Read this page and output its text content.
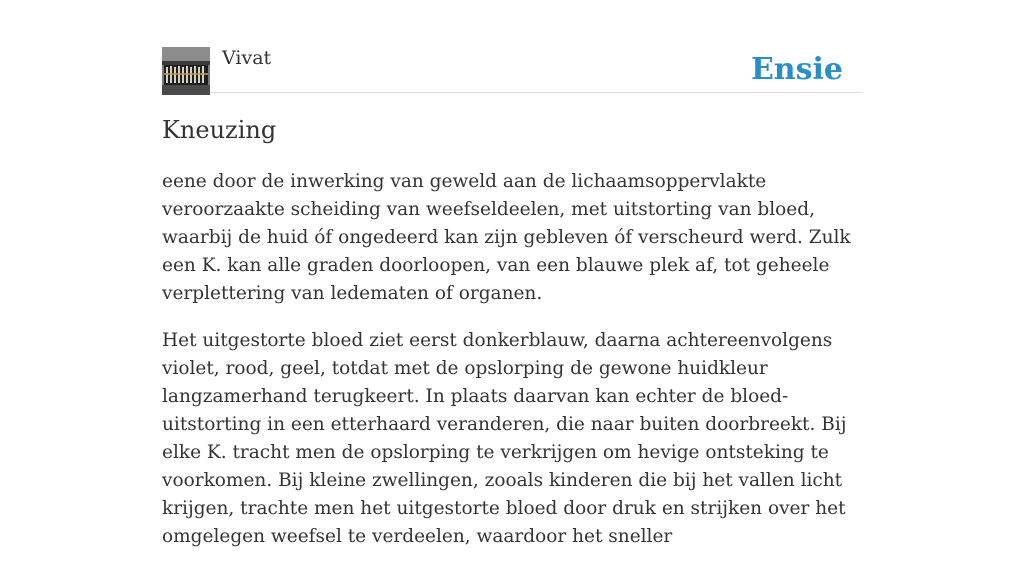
Vivat	Ensie
Kneuzing

eene door de inwerking van geweld aan de lichaamsoppervlakte veroorzaakte scheiding van weefseldeelen, met uitstorting van bloed, waarbij de huid óf ongedeerd kan zijn gebleven óf verscheurd werd. Zulk een K. kan alle graden doorloopen, van een blauwe plek af, tot geheele verplettering van ledematen of organen.

Het uitgestorte bloed ziet eerst donkerblauw, daarna achtereenvolgens violet, rood, geel, totdat met de opslorping de gewone huidkleur langzamerhand terugkeert. In plaats daarvan kan echter de bloed-uitstorting in een etterhaard veranderen, die naar buiten doorbreekt. Bij elke K. tracht men de opslorping te verkrijgen om hevige ontsteking te voorkomen. Bij kleine zwellingen, zooals kinderen die bij het vallen licht krijgen, trachte men het uitgestorte bloed door druk en strijken over het omgelegen weefsel te verdeelen, waardoor het sneller
